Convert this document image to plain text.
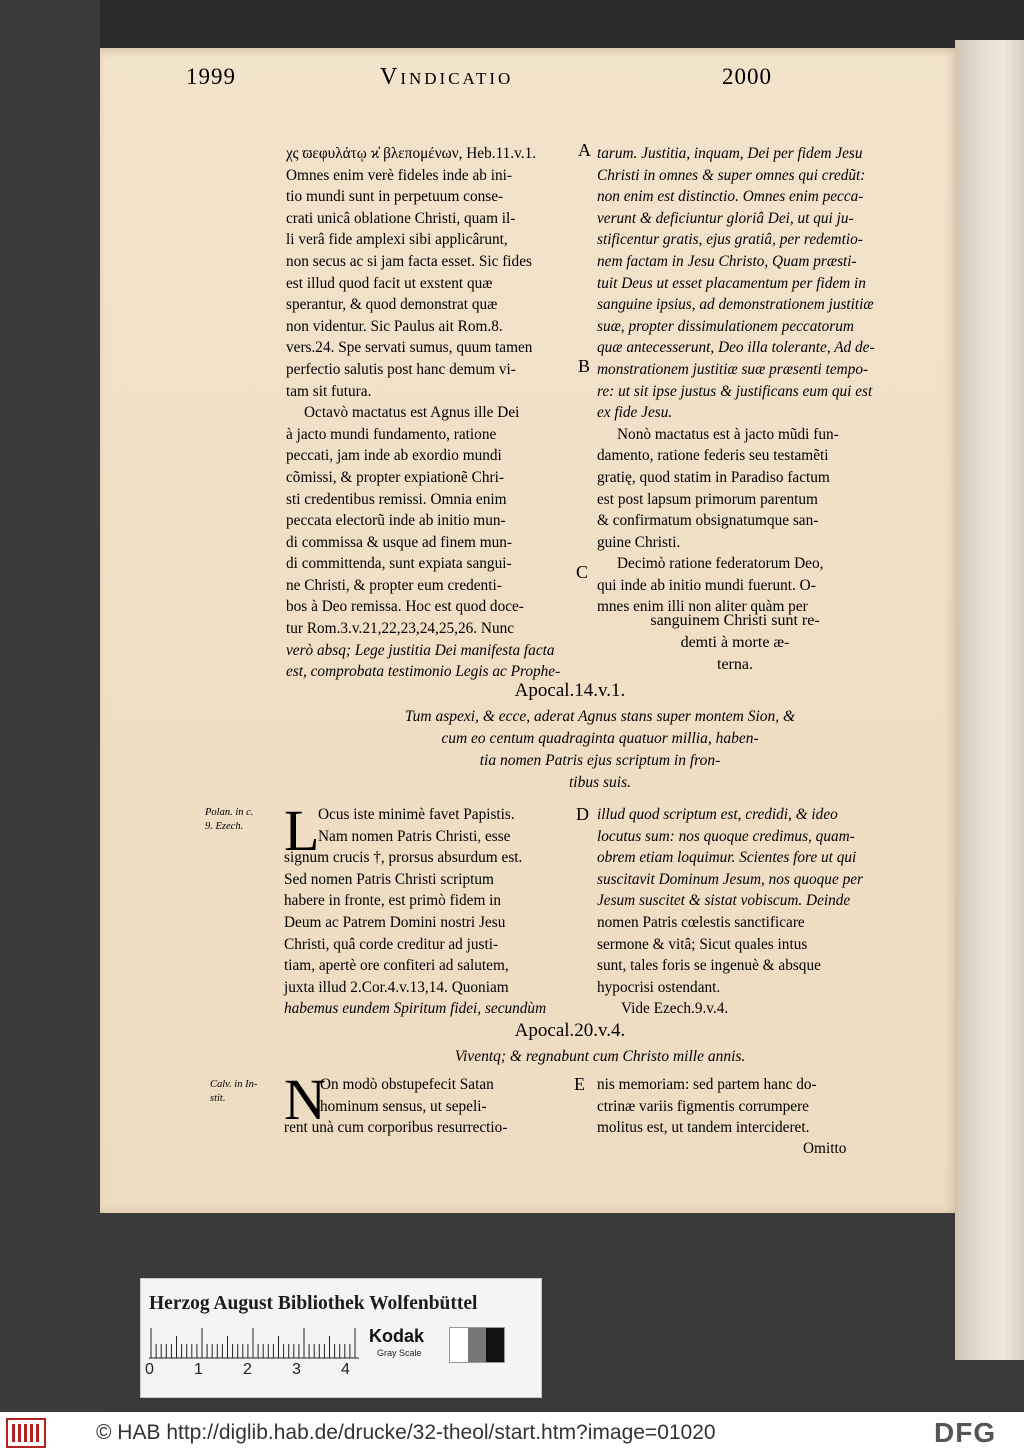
1999	Vindicatio	2000
χς ϖεφυλάτῳ ϰ̓ βλεπομένων, Heb.11.v.1.
Omnes enim verè fideles inde ab ini-
tio mundi sunt in perpetuum conse-
crati unicâ oblatione Christi, quam il-
li verâ fide amplexi sibi applicârunt,
non secus ac si jam facta esset. Sic fides
est illud quod facit ut exstent quæ
sperantur, & quod demonstrat quæ
non videntur. Sic Paulus ait Rom.8.
vers.24. Spe servati sumus, quum tamen
perfectio salutis post hanc demum vi-
tam sit futura.
Octavò mactatus est Agnus ille Dei
à jacto mundi fundamento, ratione
peccati, jam inde ab exordio mundi
cõmissi, & propter expiationẽ Chri-
sti credentibus remissi. Omnia enim
peccata electorũ inde ab initio mun-
di commissa & usque ad finem mun-
di committenda, sunt expiata sangui-
ne Christi, & propter eum credenti-
bos à Deo remissa. Hoc est quod doce-
tur Rom.3.v.21,22,23,24,25,26. Nunc
verò absq; Lege justitia Dei manifesta facta
est, comprobata testimonio Legis ac Prophe-
tarum. Justitia, inquam, Dei per fidem Jesu
Christi in omnes & super omnes qui credũt:
non enim est distinctio. Omnes enim pecca-
verunt & deficiuntur gloriâ Dei, ut qui ju-
stificentur gratis, ejus gratiâ, per redemtio-
nem factam in Jesu Christo, Quam præsti-
tuit Deus ut esset placamentum per fidem in
sanguine ipsius, ad demonstrationem justitiæ
suæ, propter dissimulationem peccatorum
quæ antecesserunt, Deo illa tolerante, Ad de-
monstrationem justitiæ suæ præsenti tempo-
re: ut sit ipse justus & justificans eum qui est
ex fide Jesu.
Nonò mactatus est à jacto mũdi fun-
damento, ratione federis seu testamẽti
gratię, quod statim in Paradiso factum
est post lapsum primorum parentum
& confirmatum obsignatumque san-
guine Christi.
Decimò ratione federatorum Deo,
qui inde ab initio mundi fuerunt. O-
mnes enim illi non aliter quàm per
sanguinem Christi sunt re-
demti à morte æ-
terna.
A
B
C
D
E
Apocal.14.v.1.
Tum aspexi, & ecce, aderat Agnus stans super montem Sion, &
cum eo centum quadraginta quatuor millia, haben-
tia nomen Patris ejus scriptum in fron-
tibus suis.
Polan. in c.
9. Ezech. L
Ocus iste minimè favet Papistis.
Nam nomen Patris Christi, esse
signum crucis †, prorsus absurdum est.
Sed nomen Patris Christi scriptum
habere in fronte, est primò fidem in
Deum ac Patrem Domini nostri Jesu
Christi, quâ corde creditur ad justi-
tiam, apertè ore confiteri ad salutem,
juxta illud 2.Cor.4.v.13,14. Quoniam
habemus eundem Spiritum fidei, secundùm
illud quod scriptum est, credidi, & ideo
locutus sum: nos quoque credimus, quam-
obrem etiam loquimur. Scientes fore ut qui
suscitavit Dominum Jesum, nos quoque per
Jesum suscitet & sistat vobiscum. Deinde
nomen Patris cœlestis sanctificare
sermone & vitâ; Sicut quales intus
sunt, tales foris se ingenuè & absque
hypocrisi ostendant.
Vide Ezech.9.v.4.
Apocal.20.v.4.
Viventq; & regnabunt cum Christo mille annis.
Calv. in In-
stit.	N
On modò obstupefecit Satan
hominum sensus, ut sepeli-
rent unà cum corporibus resurrectio-
nis memoriam: sed partem hanc do-
ctrinæ variis figmentis corrumpere
molitus est, ut tandem intercideret.
Omitto
Herzog August Bibliothek Wolfenbüttel
0	1	2	3	4
Kodak
Gray Scale
© HAB http://diglib.hab.de/drucke/32-theol/start.htm?image=01020	DFG
